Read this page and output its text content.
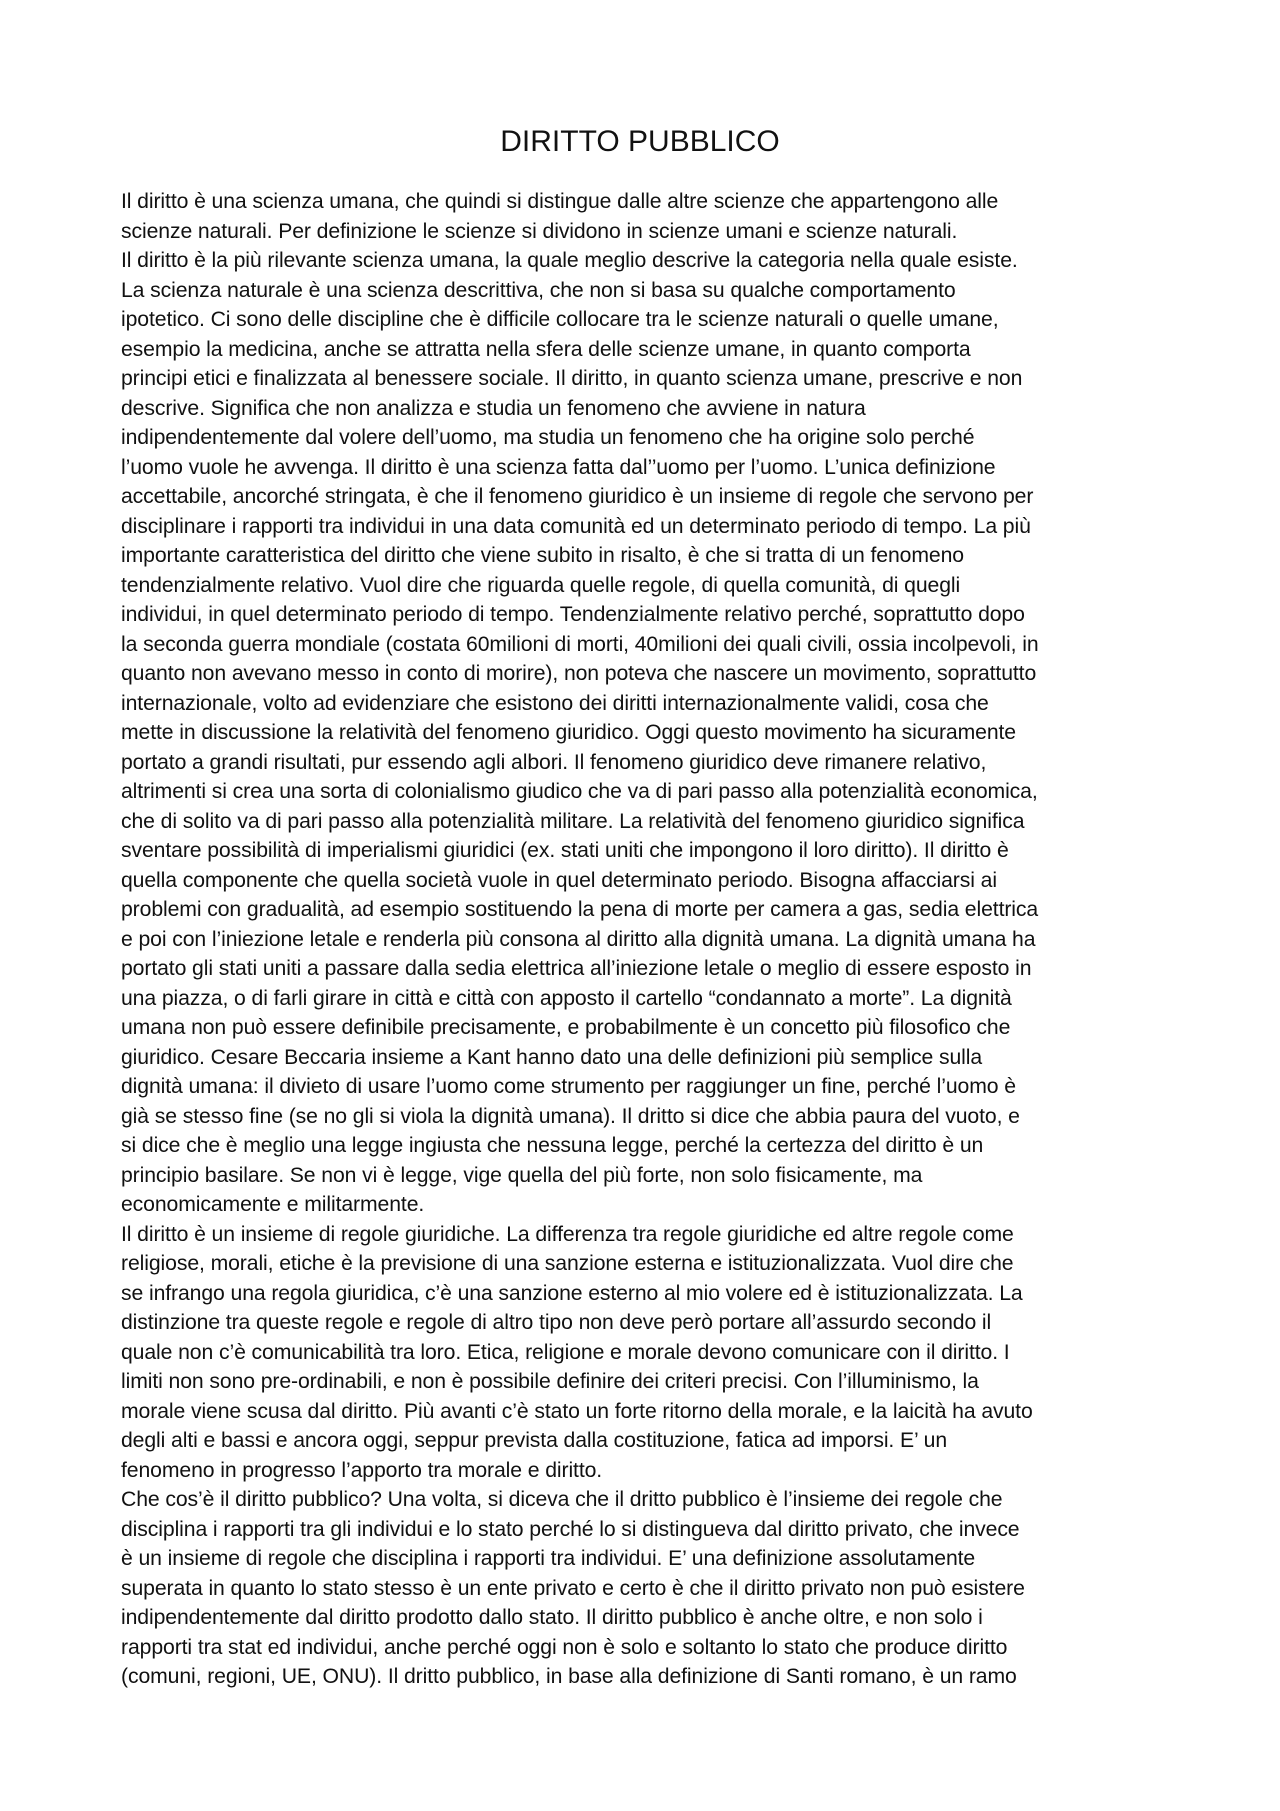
DIRITTO PUBBLICO
Il diritto è una scienza umana, che quindi si distingue dalle altre scienze che appartengono alle
scienze naturali. Per definizione le scienze si dividono in scienze umani e scienze naturali.
Il diritto è la più rilevante scienza umana, la quale meglio descrive la categoria nella quale esiste.
La scienza naturale è una scienza descrittiva, che non si basa su qualche comportamento
ipotetico. Ci sono delle discipline che è difficile collocare tra le scienze naturali o quelle umane,
esempio la medicina, anche se attratta nella sfera delle scienze umane, in quanto comporta
principi etici e finalizzata al benessere sociale. Il diritto, in quanto scienza umane, prescrive e non
descrive. Significa che non analizza e studia un fenomeno che avviene in natura
indipendentemente dal volere dell’uomo, ma studia un fenomeno che ha origine solo perché
l’uomo vuole he avvenga. Il diritto è una scienza fatta dal’’uomo per l’uomo. L’unica definizione
accettabile, ancorché stringata, è che il fenomeno giuridico è un insieme di regole che servono per
disciplinare i rapporti tra individui in una data comunità ed un determinato periodo di tempo. La più
importante caratteristica del diritto che viene subito in risalto, è che si tratta di un fenomeno
tendenzialmente relativo. Vuol dire che riguarda quelle regole, di quella comunità, di quegli
individui, in quel determinato periodo di tempo. Tendenzialmente relativo perché, soprattutto dopo
la seconda guerra mondiale (costata 60milioni di morti, 40milioni dei quali civili, ossia incolpevoli, in
quanto non avevano messo in conto di morire), non poteva che nascere un movimento, soprattutto
internazionale, volto ad evidenziare che esistono dei diritti internazionalmente validi, cosa che
mette in discussione la relatività del fenomeno giuridico. Oggi questo movimento ha sicuramente
portato a grandi risultati, pur essendo agli albori. Il fenomeno giuridico deve rimanere relativo,
altrimenti si crea una sorta di colonialismo giudico che va di pari passo alla potenzialità economica,
che di solito va di pari passo alla potenzialità militare. La relatività del fenomeno giuridico significa
sventare possibilità di imperialismi giuridici (ex. stati uniti che impongono il loro diritto). Il diritto è
quella componente che quella società vuole in quel determinato periodo. Bisogna affacciarsi ai
problemi con gradualità, ad esempio sostituendo la pena di morte per camera a gas, sedia elettrica
e poi con l’iniezione letale e renderla più consona al diritto alla dignità umana. La dignità umana ha
portato gli stati uniti a passare dalla sedia elettrica all’iniezione letale o meglio di essere esposto in
una piazza, o di farli girare in città e città con apposto il cartello “condannato a morte”. La dignità
umana non può essere definibile precisamente, e probabilmente è un concetto più filosofico che
giuridico. Cesare Beccaria insieme a Kant hanno dato una delle definizioni più semplice sulla
dignità umana: il divieto di usare l’uomo come strumento per raggiunger un fine, perché l’uomo è
già se stesso fine (se no gli si viola la dignità umana). Il dritto si dice che abbia paura del vuoto, e
si dice che è meglio una legge ingiusta che nessuna legge, perché la certezza del diritto è un
principio basilare. Se non vi è legge, vige quella del più forte, non solo fisicamente, ma
economicamente e militarmente.
Il diritto è un insieme di regole giuridiche. La differenza tra regole giuridiche ed altre regole come
religiose, morali, etiche è la previsione di una sanzione esterna e istituzionalizzata. Vuol dire che
se infrango una regola giuridica, c’è una sanzione esterno al mio volere ed è istituzionalizzata. La
distinzione tra queste regole e regole di altro tipo non deve però portare all’assurdo secondo il
quale non c’è comunicabilità tra loro. Etica, religione e morale devono comunicare con il diritto. I
limiti non sono pre-ordinabili, e non è possibile definire dei criteri precisi. Con l’illuminismo, la
morale viene scusa dal diritto. Più avanti c’è stato un forte ritorno della morale, e la laicità ha avuto
degli alti e bassi e ancora oggi, seppur prevista dalla costituzione, fatica ad imporsi. E’ un
fenomeno in progresso l’apporto tra morale e diritto.
Che cos’è il diritto pubblico? Una volta, si diceva che il dritto pubblico è l’insieme dei regole che
disciplina i rapporti tra gli individui e lo stato perché lo si distingueva dal diritto privato, che invece
è un insieme di regole che disciplina i rapporti tra individui. E’ una definizione assolutamente
superata in quanto lo stato stesso è un ente privato e certo è che il diritto privato non può esistere
indipendentemente dal diritto prodotto dallo stato. Il diritto pubblico è anche oltre, e non solo i
rapporti tra stat ed individui, anche perché oggi non è solo e soltanto lo stato che produce diritto
(comuni, regioni, UE, ONU). Il dritto pubblico, in base alla definizione di Santi romano, è un ramo
